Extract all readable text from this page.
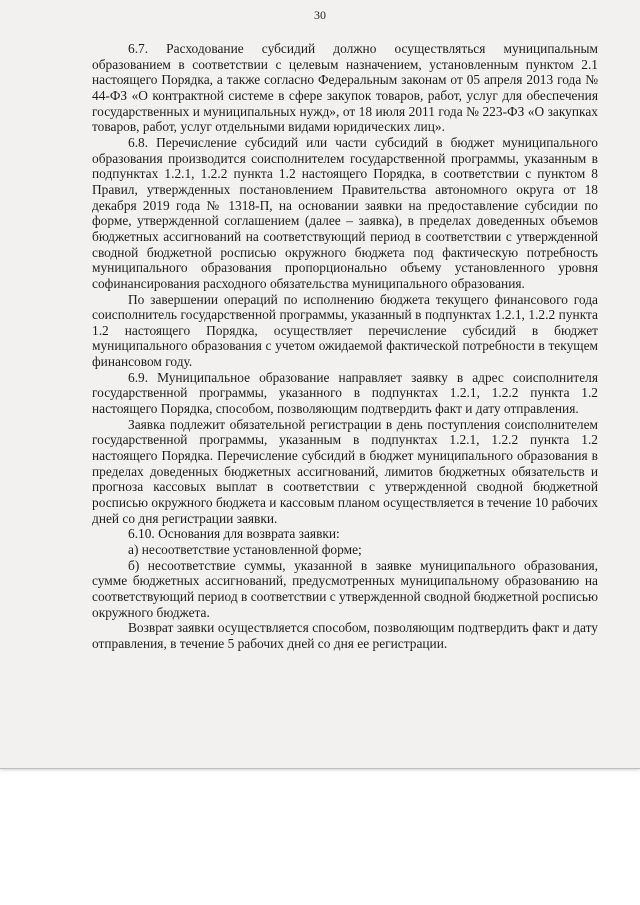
30

6.7. Расходование субсидий должно осуществляться муниципальным образованием в соответствии с целевым назначением, установленным пунктом 2.1 настоящего Порядка, а также согласно Федеральным законам от 05 апреля 2013 года № 44-ФЗ «О контрактной системе в сфере закупок товаров, работ, услуг для обеспечения государственных и муниципальных нужд», от 18 июля 2011 года № 223-ФЗ «О закупках товаров, работ, услуг отдельными видами юридических лиц».

6.8. Перечисление субсидий или части субсидий в бюджет муниципального образования производится соисполнителем государственной программы, указанным в подпунктах 1.2.1, 1.2.2 пункта 1.2 настоящего Порядка, в соответствии с пунктом 8 Правил, утвержденных постановлением Правительства автономного округа от 18 декабря 2019 года № 1318-П, на основании заявки на предоставление субсидии по форме, утвержденной соглашением (далее – заявка), в пределах доведенных объемов бюджетных ассигнований на соответствующий период в соответствии с утвержденной сводной бюджетной росписью окружного бюджета под фактическую потребность муниципального образования пропорционально объему установленного уровня софинансирования расходного обязательства муниципального образования.

По завершении операций по исполнению бюджета текущего финансового года соисполнитель государственной программы, указанный в подпунктах 1.2.1, 1.2.2 пункта 1.2 настоящего Порядка, осуществляет перечисление субсидий в бюджет муниципального образования с учетом ожидаемой фактической потребности в текущем финансовом году.

6.9. Муниципальное образование направляет заявку в адрес соисполнителя государственной программы, указанного в подпунктах 1.2.1, 1.2.2 пункта 1.2 настоящего Порядка, способом, позволяющим подтвердить факт и дату отправления.

Заявка подлежит обязательной регистрации в день поступления соисполнителем государственной программы, указанным в подпунктах 1.2.1, 1.2.2 пункта 1.2 настоящего Порядка. Перечисление субсидий в бюджет муниципального образования в пределах доведенных бюджетных ассигнований, лимитов бюджетных обязательств и прогноза кассовых выплат в соответствии с утвержденной сводной бюджетной росписью окружного бюджета и кассовым планом осуществляется в течение 10 рабочих дней со дня регистрации заявки.

6.10. Основания для возврата заявки:

а) несоответствие установленной форме;

б) несоответствие суммы, указанной в заявке муниципального образования, сумме бюджетных ассигнований, предусмотренных муниципальному образованию на соответствующий период в соответствии с утвержденной сводной бюджетной росписью окружного бюджета.

Возврат заявки осуществляется способом, позволяющим подтвердить факт и дату отправления, в течение 5 рабочих дней со дня ее регистрации.
